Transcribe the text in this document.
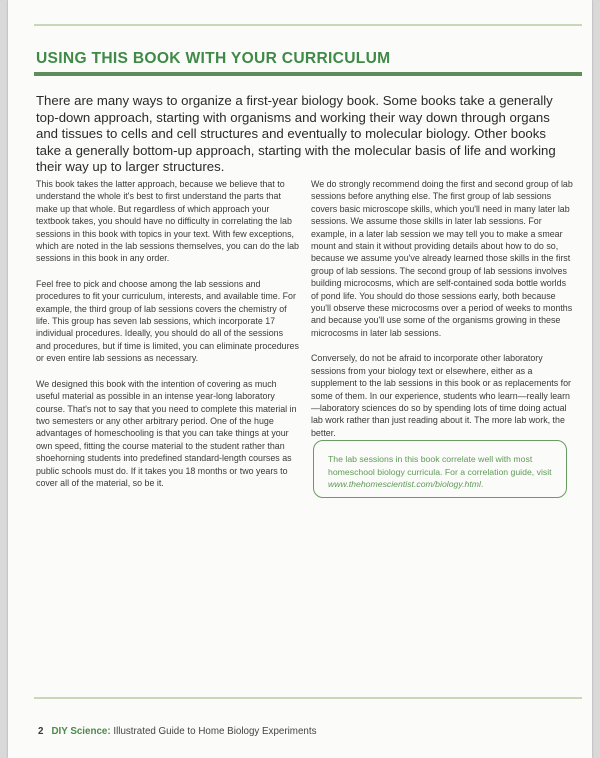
USING THIS BOOK WITH YOUR CURRICULUM

There are many ways to organize a first-year biology book. Some books take a generally top-down approach, starting with organisms and working their way down through organs and tissues to cells and cell structures and eventually to molecular biology. Other books take a generally bottom-up approach, starting with the molecular basis of life and working their way up to larger structures.

This book takes the latter approach, because we believe that to understand the whole it's best to first understand the parts that make up that whole. But regardless of which approach your textbook takes, you should have no difficulty in correlating the lab sessions in this book with topics in your text. With few exceptions, which are noted in the lab sessions themselves, you can do the lab sessions in this book in any order.

Feel free to pick and choose among the lab sessions and procedures to fit your curriculum, interests, and available time. For example, the third group of lab sessions covers the chemistry of life. This group has seven lab sessions, which incorporate 17 individual procedures. Ideally, you should do all of the sessions and procedures, but if time is limited, you can eliminate procedures or even entire lab sessions as necessary.

We designed this book with the intention of covering as much useful material as possible in an intense year-long laboratory course. That's not to say that you need to complete this material in two semesters or any other arbitrary period. One of the huge advantages of homeschooling is that you can take things at your own speed, fitting the course material to the student rather than shoehorning students into predefined standard-length courses as public schools must do. If it takes you 18 months or two years to cover all of the material, so be it.

We do strongly recommend doing the first and second group of lab sessions before anything else. The first group of lab sessions covers basic microscope skills, which you'll need in many later lab sessions. We assume those skills in later lab sessions. For example, in a later lab session we may tell you to make a smear mount and stain it without providing details about how to do so, because we assume you've already learned those skills in the first group of lab sessions. The second group of lab sessions involves building microcosms, which are self-contained soda bottle worlds of pond life. You should do those sessions early, both because you'll observe these microcosms over a period of weeks to months and because you'll use some of the organisms growing in these microcosms in later lab sessions.

Conversely, do not be afraid to incorporate other laboratory sessions from your biology text or elsewhere, either as a supplement to the lab sessions in this book or as replacements for some of them. In our experience, students who learn—really learn—laboratory sciences do so by spending lots of time doing actual lab work rather than just reading about it. The more lab work, the better.

The lab sessions in this book correlate well with most homeschool biology curricula. For a correlation guide, visit www.thehomescientist.com/biology.html.

2 DIY Science: Illustrated Guide to Home Biology Experiments
